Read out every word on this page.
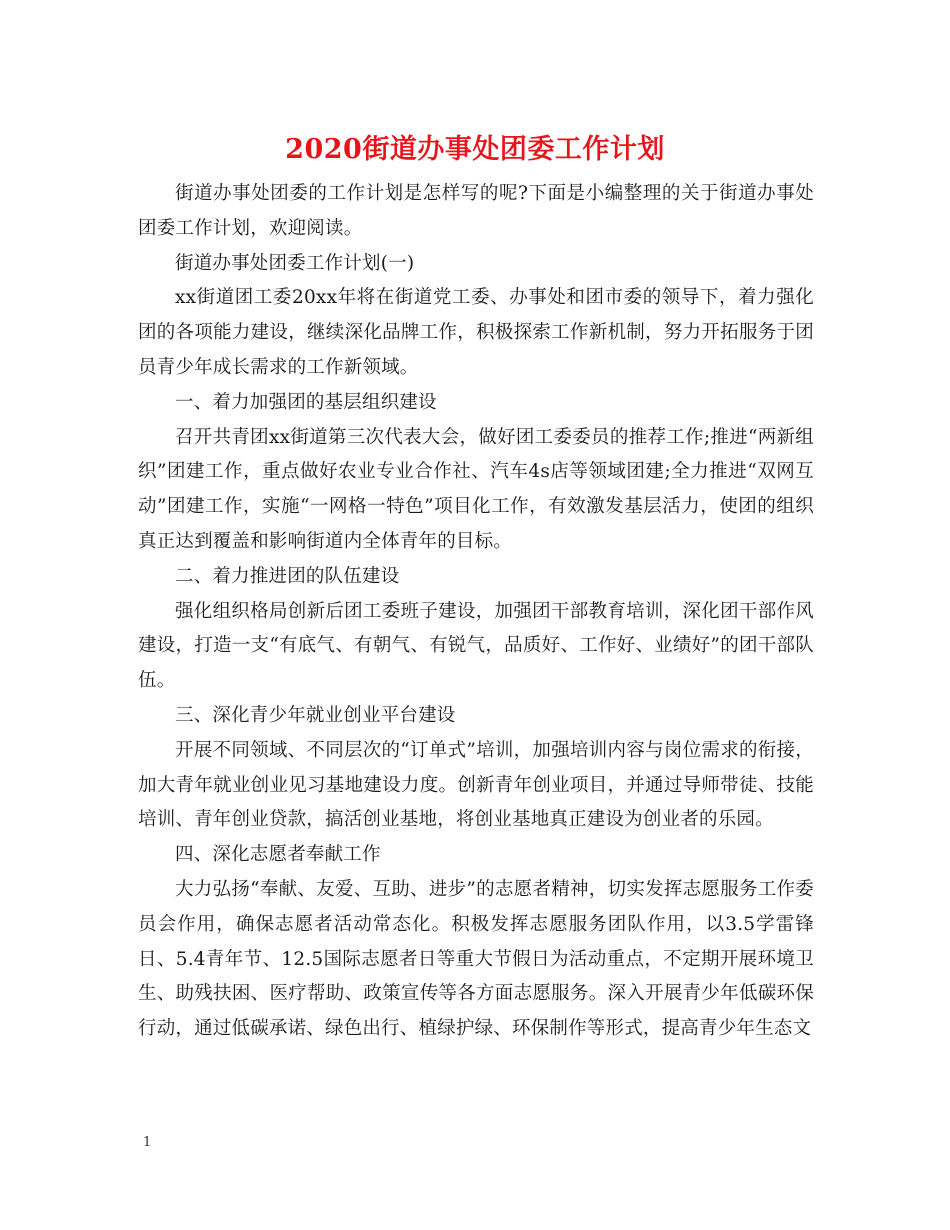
2020街道办事处团委工作计划

街道办事处团委的工作计划是怎样写的呢?下面是小编整理的关于街道办事处团委工作计划，欢迎阅读。

街道办事处团委工作计划(一)

xx街道团工委20xx年将在街道党工委、办事处和团市委的领导下，着力强化团的各项能力建设，继续深化品牌工作，积极探索工作新机制，努力开拓服务于团员青少年成长需求的工作新领域。

一、着力加强团的基层组织建设

召开共青团xx街道第三次代表大会，做好团工委委员的推荐工作;推进“两新组织”团建工作，重点做好农业专业合作社、汽车4s店等领域团建;全力推进“双网互动”团建工作，实施“一网格一特色”项目化工作，有效激发基层活力，使团的组织真正达到覆盖和影响街道内全体青年的目标。

二、着力推进团的队伍建设

强化组织格局创新后团工委班子建设，加强团干部教育培训，深化团干部作风建设，打造一支“有底气、有朝气、有锐气，品质好、工作好、业绩好”的团干部队伍。

三、深化青少年就业创业平台建设

开展不同领域、不同层次的“订单式”培训，加强培训内容与岗位需求的衔接，加大青年就业创业见习基地建设力度。创新青年创业项目，并通过导师带徒、技能培训、青年创业贷款，搞活创业基地，将创业基地真正建设为创业者的乐园。

四、深化志愿者奉献工作

大力弘扬“奉献、友爱、互助、进步”的志愿者精神，切实发挥志愿服务工作委员会作用，确保志愿者活动常态化。积极发挥志愿服务团队作用，以3.5学雷锋日、5.4青年节、12.5国际志愿者日等重大节假日为活动重点，不定期开展环境卫生、助残扶困、医疗帮助、政策宣传等各方面志愿服务。深入开展青少年低碳环保行动，通过低碳承诺、绿色出行、植绿护绿、环保制作等形式，提高青少年生态文

1
